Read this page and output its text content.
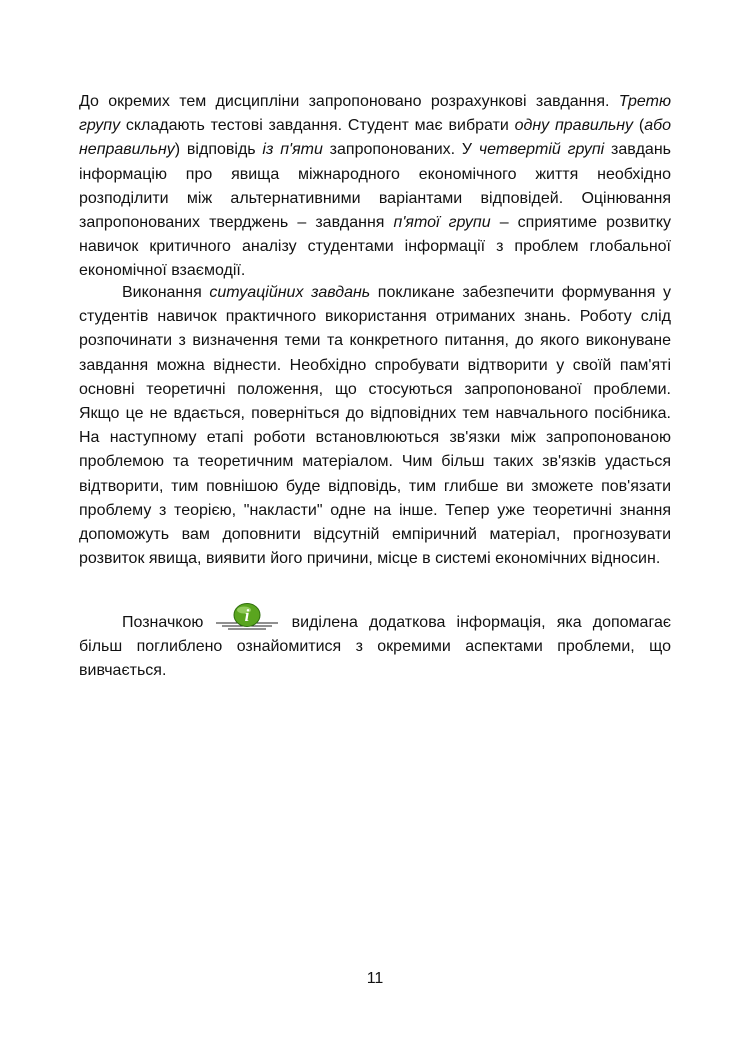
До окремих тем дисципліни запропоновано розрахункові завдання. Третю групу складають тестові завдання. Студент має вибрати одну правильну (або неправильну) відповідь із п'яти запропонованих. У четвертій групі завдань інформацію про явища міжнародного економічного життя необхідно розподілити між альтернативними варіантами відповідей. Оцінювання запропонованих тверджень – завдання п'ятої групи – сприятиме розвитку навичок критичного аналізу студентами інформації з проблем глобальної економічної взаємодії.

Виконання ситуаційних завдань покликане забезпечити формування у студентів навичок практичного використання отриманих знань. Роботу слід розпочинати з визначення теми та конкретного питання, до якого виконуване завдання можна віднести. Необхідно спробувати відтворити у своїй пам'яті основні теоретичні положення, що стосуються запропонованої проблеми. Якщо це не вдається, поверніться до відповідних тем навчального посібника. На наступному етапі роботи встановлюються зв'язки між запропонованою проблемою та теоретичним матеріалом. Чим більш таких зв'язків удасться відтворити, тим повнішою буде відповідь, тим глибше ви зможете пов'язати проблему з теорією, "накласти" одне на інше. Тепер уже теоретичні знання допоможуть вам доповнити відсутній емпіричний матеріал, прогнозувати розвиток явища, виявити його причини, місце в системі економічних відносин.

Позначкою i	виділена додаткова інформація, яка допомагає більш поглиблено ознайомитися з окремими аспектами проблеми, що вивчається.

11
